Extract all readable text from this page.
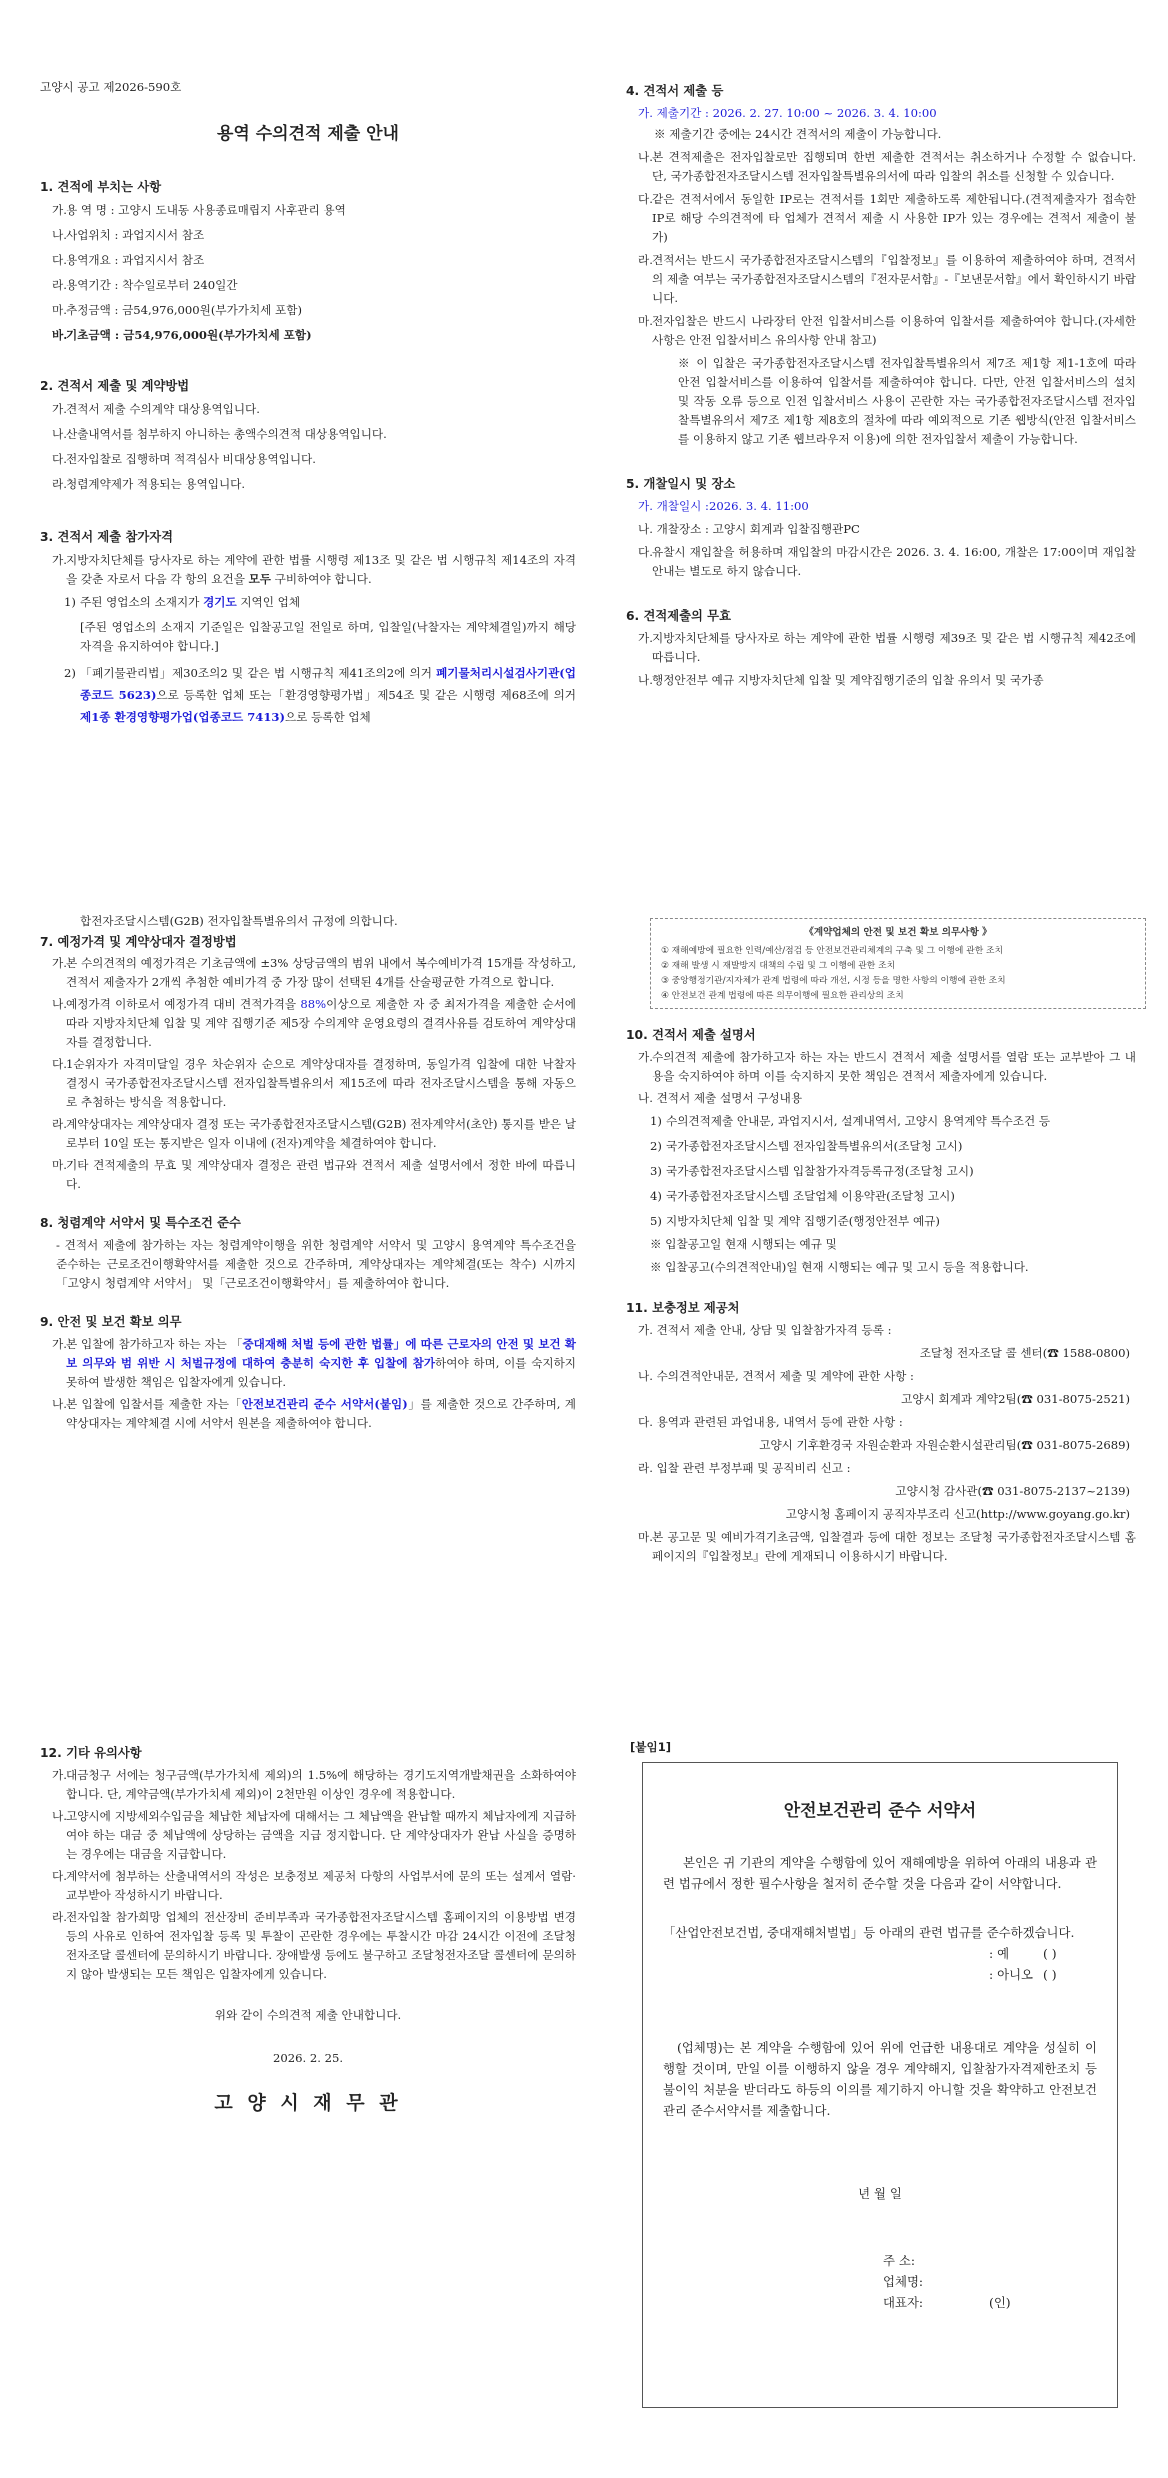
고양시 공고 제2026-590호
용역 수의견적 제출 안내

1. 견적에 부치는 사항

가. 용 역 명 : 고양시 도내동 사용종료매립지 사후관리 용역
나. 사업위치 : 과업지시서 참조
다. 용역개요 : 과업지시서 참조
라. 용역기간 : 착수일로부터 240일간
마. 추정금액 : 금54,976,000원(부가가치세 포함)
바.
기초금액 : 금54,976,000원(부가가치세 포함)

2. 견적서 제출 및 계약방법

가. 견적서 제출 수의계약 대상용역입니다.
나. 산출내역서를 첨부하지 아니하는 총액수의견적 대상용역입니다.
다. 전자입찰로 집행하며 적격심사 비대상용역입니다.
라. 청렴계약제가 적용되는 용역입니다.

3. 견적서 제출 참가자격

가. 지방자치단체를 당사자로 하는 계약에 관한 법률 시행령 제13조 및 같은 법 시행규칙 제14조의 자격을 갖춘 자로서 다음 각 항의 요건을 모두 구비하여야 합니다.
1) 주된 영업소의 소재지가 경기도 지역인 업체
[주된 영업소의 소재지 기준일은 입찰공고일 전일로 하며, 입찰일(낙찰자는 계약체결일)까지 해당 자격을 유지하여야 합니다.]
2) 「폐기물관리법」제30조의2 및 같은 법 시행규칙 제41조의2에 의거 폐기물처리시설검사기관(업종코드 5623)으로 등록한 업체 또는「환경영향평가법」제54조 및 같은 시행령 제68조에 의거 제1종 환경영향평가업(업종코드 7413)으로 등록한 업체

4. 견적서 제출 등

가. 제출기간 : 2026. 2. 27. 10:00 ~ 2026. 3. 4. 10:00
※ 제출기간 중에는 24시간 견적서의 제출이 가능합니다.
나. 본 견적제출은 전자입찰로만 집행되며 한번 제출한 견적서는 취소하거나 수정할 수 없습니다. 단, 국가종합전자조달시스템 전자입찰특별유의서에 따라 입찰의 취소를 신청할 수 있습니다.
다. 같은 견적서에서 동일한 IP로는 견적서를 1회만 제출하도록 제한됩니다.(견적제출자가 접속한 IP로 해당 수의견적에 타 업체가 견적서 제출 시 사용한 IP가 있는 경우에는 견적서 제출이 불가)
라. 견적서는 반드시 국가종합전자조달시스템의『입찰정보』를 이용하여 제출하여야 하며, 견적서의 제출 여부는 국가종합전자조달시스템의『전자문서함』-『보낸문서함』에서 확인하시기 바랍니다.
마. 전자입찰은 반드시 나라장터 안전 입찰서비스를 이용하여 입찰서를 제출하여야 합니다.(자세한 사항은 안전 입찰서비스 유의사항 안내 참고)
※ 이 입찰은 국가종합전자조달시스템 전자입찰특별유의서 제7조 제1항 제1-1호에 따라 안전 입찰서비스를 이용하여 입찰서를 제출하여야 합니다. 다만, 안전 입찰서비스의 설치 및 작동 오류 등으로 인전 입찰서비스 사용이 곤란한 자는 국가종합전자조달시스템 전자입찰특별유의서 제7조 제1항 제8호의 절차에 따라 예외적으로 기존 웹방식(안전 입찰서비스를 이용하지 않고 기존 웹브라우저 이용)에 의한 전자입찰서 제출이 가능합니다.

5. 개찰일시 및 장소

가. 개찰일시 :2026. 3. 4. 11:00
나. 개찰장소 : 고양시 회계과 입찰집행관PC
다. 유찰시 재입찰을 허용하며 재입찰의 마감시간은 2026. 3. 4. 16:00, 개찰은 17:00이며 재입찰 안내는 별도로 하지 않습니다.

6. 견적제출의 무효

가. 지방자치단체를 당사자로 하는 계약에 관한 법률 시행령 제39조 및 같은 법 시행규칙 제42조에 따릅니다.
나. 행정안전부 예규 지방자치단체 입찰 및 계약집행기준의 입찰 유의서 및 국가종
합전자조달시스템(G2B) 전자입찰특별유의서 규정에 의합니다.

7. 예정가격 및 계약상대자 결정방법

가. 본 수의견적의 예정가격은 기초금액에 ±3% 상당금액의 범위 내에서 복수예비가격 15개를 작성하고, 견적서 제출자가 2개씩 추첨한 예비가격 중 가장 많이 선택된 4개를 산술평균한 가격으로 합니다.
나. 예정가격 이하로서 예정가격 대비 견적가격을 88%이상으로 제출한 자 중 최저가격을 제출한 순서에 따라 지방자치단체 입찰 및 계약 집행기준 제5장 수의계약 운영요령의 결격사유를 검토하여 계약상대자를 결정합니다.
다. 1순위자가 자격미달일 경우 차순위자 순으로 계약상대자를 결정하며, 동일가격 입찰에 대한 낙찰자 결정시 국가종합전자조달시스템 전자입찰특별유의서 제15조에 따라 전자조달시스템을 통해 자동으로 추첨하는 방식을 적용합니다.
라. 계약상대자는 계약상대자 결정 또는 국가종합전자조달시스템(G2B) 전자계약서(초안) 통지를 받은 날로부터 10일 또는 통지받은 일자 이내에 (전자)계약을 체결하여야 합니다.
마. 기타 견적제출의 무효 및 계약상대자 결정은 관련 법규와 견적서 제출 설명서에서 정한 바에 따릅니다.

8. 청렴계약 서약서 및 특수조건 준수

- 견적서 제출에 참가하는 자는 청렴계약이행을 위한 청렴계약 서약서 및 고양시 용역계약 특수조건을 준수하는 근로조건이행확약서를 제출한 것으로 간주하며, 계약상대자는 계약체결(또는 착수) 시까지 「고양시 청렴계약 서약서」 및「근로조건이행확약서」를 제출하여야 합니다.

9. 안전 및 보건 확보 의무

가. 본 입찰에 참가하고자 하는 자는 「중대재해 처벌 등에 관한 법률」에 따른 근로자의 안전 및 보건 확보 의무와 범 위반 시 처벌규정에 대하여 충분히 숙지한 후 입찰에 참가하여야 하며, 이를 숙지하지 못하여 발생한 책임은 입찰자에게 있습니다.
나. 본 입찰에 입찰서를 제출한 자는「안전보건관리 준수 서약서(붙임)」를 제출한 것으로 간주하며, 계약상대자는 계약체결 시에 서약서 원본을 제출하여야 합니다.
《계약업체의 안전 및 보건 확보 의무사항 》
① 재해예방에 필요한 인력/예산/점검 등 안전보건관리체계의 구축 및 그 이행에 관한 조치
② 재해 발생 시 재발방지 대책의 수립 및 그 이행에 관한 조치
③ 중앙행정기관/지자체가 관계 법령에 따라 개선, 시정 등을 명한 사항의 이행에 관한 조치
④ 안전보건 관계 법령에 따른 의무이행에 필요한 관리상의 조치

10. 견적서 제출 설명서

가. 수의견적 제출에 참가하고자 하는 자는 반드시 견적서 제출 설명서를 열람 또는 교부받아 그 내용을 숙지하여야 하며 이를 숙지하지 못한 책임은 견적서 제출자에게 있습니다.
나. 견적서 제출 설명서 구성내용
1) 수의견적제출 안내문, 과업지시서, 설계내역서, 고양시 용역계약 특수조건 등
2) 국가종합전자조달시스템 전자입찰특별유의서(조달청 고시)
3) 국가종합전자조달시스템 입찰참가자격등록규정(조달청 고시)
4) 국가종합전자조달시스템 조달업체 이용약관(조달청 고시)
5) 지방자치단체 입찰 및 계약 집행기준(행정안전부 예규)
※ 입찰공고일 현재 시행되는 예규 및
※ 입찰공고(수의견적안내)일 현재 시행되는 예규 및 고시 등을 적용합니다.

11. 보충정보 제공처

가. 견적서 제출 안내, 상담 및 입찰참가자격 등록 :
조달청 전자조달 콜 센터(☎ 1588-0800)
나. 수의견적안내문, 견적서 제출 및 계약에 관한 사항 :
고양시 회계과 계약2팀(☎ 031-8075-2521)
다. 용역과 관련된 과업내용, 내역서 등에 관한 사항 :
고양시 기후환경국 자원순환과 자원순환시설관리팀(☎ 031-8075-2689)
라. 입찰 관련 부정부패 및 공직비리 신고 :
고양시청 감사관(☎ 031-8075-2137~2139)
고양시청 홈페이지 공직자부조리 신고(http://www.goyang.go.kr)
마. 본 공고문 및 예비가격기초금액, 입찰결과 등에 대한 정보는 조달청 국가종합전자조달시스템 홈페이지의『입찰정보』란에 게재되니 이용하시기 바랍니다.

12. 기타 유의사항

가. 대금청구 서에는 청구금액(부가가치세 제외)의 1.5%에 해당하는 경기도지역개발채권을 소화하여야 합니다. 단, 계약금액(부가가치세 제외)이 2천만원 이상인 경우에 적용합니다.
나. 고양시에 지방세외수입금을 체납한 체납자에 대해서는 그 체납액을 완납할 때까지 체납자에게 지급하여야 하는 대금 중 체납액에 상당하는 금액을 지급 정지합니다. 단 계약상대자가 완납 사실을 증명하는 경우에는 대금을 지급합니다.
다. 계약서에 첨부하는 산출내역서의 작성은 보충정보 제공처 다항의 사업부서에 문의 또는 설계서 열람·교부받아 작성하시기 바랍니다.
라. 전자입찰 참가희망 업체의 전산장비 준비부족과 국가종합전자조달시스템 홈페이지의 이용방법 변경 등의 사유로 인하여 전자입찰 등록 및 투찰이 곤란한 경우에는 투찰시간 마감 24시간 이전에 조달청전자조달 콜센터에 문의하시기 바랍니다. 장애발생 등에도 불구하고 조달청전자조달 콜센터에 문의하지 않아 발생되는 모든 책임은 입찰자에게 있습니다.
위와 같이 수의견적 제출 안내합니다.
2026. 2. 25.
고 양 시 재 무 관
[붙임1]
안전보건관리 준수 서약서
본인은 귀 기관의 계약을 수행함에 있어 재해예방을 위하여 아래의 내용과 관련 법규에서 정한 필수사항을 철저히 준수할 것을 다음과 같이 서약합니다.
「산업안전보건법, 중대재해처벌법」등 아래의 관련 법규를 준수하겠습니다.
: 예	( )
: 아니오 ( )
(업체명)는 본 계약을 수행함에 있어 위에 언급한 내용대로 계약을 성실히 이행할 것이며, 만일 이를 이행하지 않을 경우 계약해지, 입찰참가자격제한조치 등 불이익 처분을 받더라도 하등의 이의를 제기하지 아니할 것을 확약하고 안전보건관리 준수서약서를 제출합니다.
년 월 일
주 소:
업체명:
대표자:	(인)
